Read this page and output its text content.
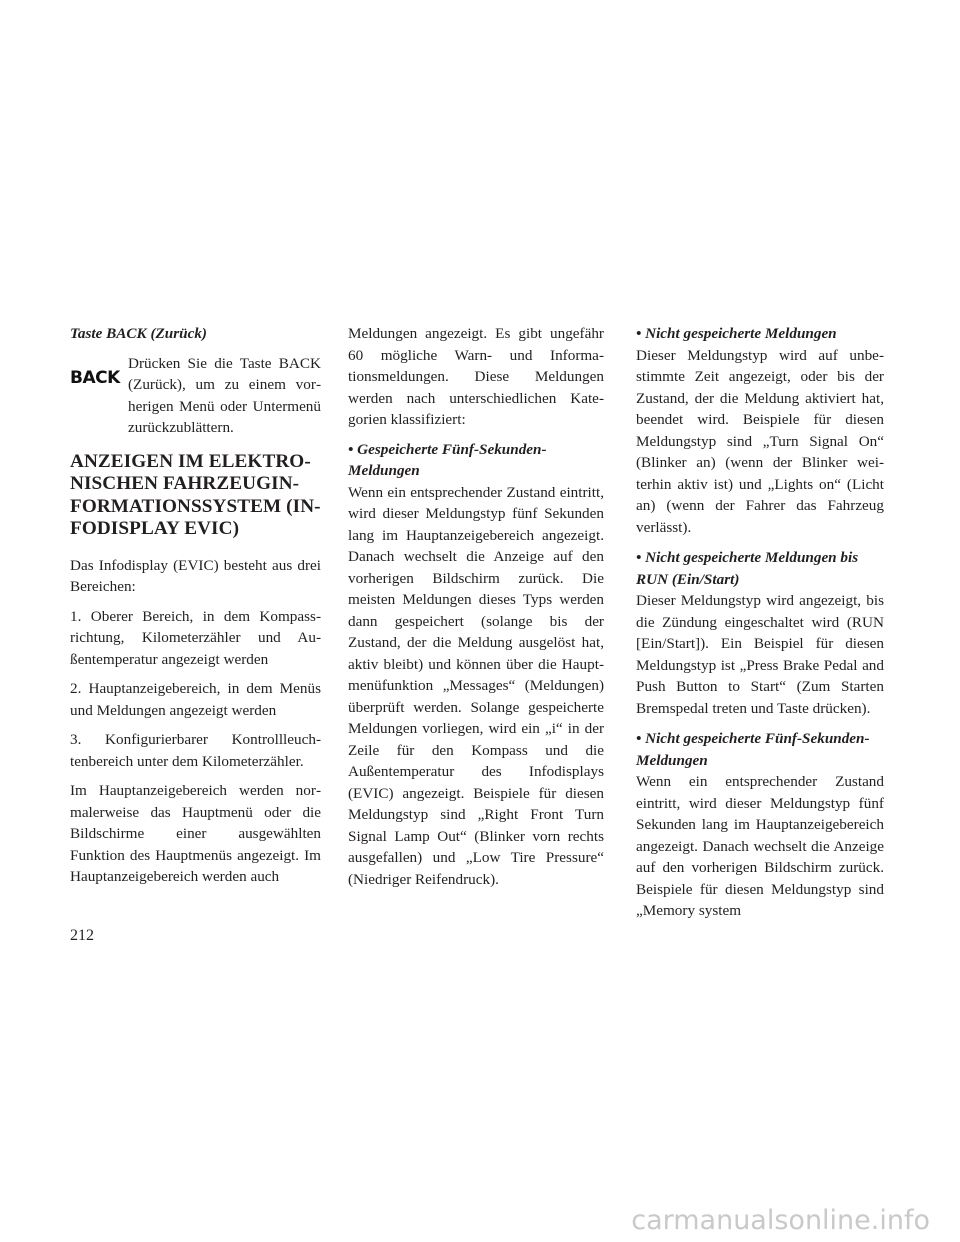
Taste BACK (Zurück)

BACK
Drücken Sie die Taste BACK (Zurück), um zu einem vorherigen Menü oder Untermenü zurückzublättern.
ANZEIGEN IM ELEKTRO-
NISCHEN FAHRZEUGIN-
FORMATIONSSYSTEM (IN-
FODISPLAY EVIC)

Das Infodisplay (EVIC) besteht aus drei Bereichen:

1. Oberer Bereich, in dem Kompassrichtung, Kilometerzähler und Außentemperatur angezeigt werden

2. Hauptanzeigebereich, in dem Menüs und Meldungen angezeigt werden

3. Konfigurierbarer Kontrollleuchtenbereich unter dem Kilometerzähler.

Im Hauptanzeigebereich werden normalerweise das Hauptmenü oder die Bildschirme einer ausgewählten Funktion des Hauptmenüs angezeigt. Im Hauptanzeigebereich werden auch

Meldungen angezeigt. Es gibt ungefähr 60 mögliche Warn- und Informationsmeldungen. Diese Meldungen werden nach unterschiedlichen Kategorien klassifiziert:

• Gespeicherte Fünf-Sekunden-Meldungen

Wenn ein entsprechender Zustand eintritt, wird dieser Meldungstyp fünf Sekunden lang im Hauptanzeigebereich angezeigt. Danach wechselt die Anzeige auf den vorherigen Bildschirm zurück. Die meisten Meldungen dieses Typs werden dann gespeichert (solange bis der Zustand, der die Meldung ausgelöst hat, aktiv bleibt) und können über die Hauptmenüfunktion „Messages“ (Meldungen) überprüft werden. Solange gespeicherte Meldungen vorliegen, wird ein „i“ in der Zeile für den Kompass und die Außentemperatur des Infodisplays (EVIC) angezeigt. Beispiele für diesen Meldungstyp sind „Right Front Turn Signal Lamp Out“ (Blinker vorn rechts ausgefallen) und „Low Tire Pressure“ (Niedriger Reifendruck).

• Nicht gespeicherte Meldungen

Dieser Meldungstyp wird auf unbestimmte Zeit angezeigt, oder bis der Zustand, der die Meldung aktiviert hat, beendet wird. Beispiele für diesen Meldungstyp sind „Turn Signal On“ (Blinker an) (wenn der Blinker weiterhin aktiv ist) und „Lights on“ (Licht an) (wenn der Fahrer das Fahrzeug verlässt).

• Nicht gespeicherte Meldungen bis RUN (Ein/Start)

Dieser Meldungstyp wird angezeigt, bis die Zündung eingeschaltet wird (RUN [Ein/Start]). Ein Beispiel für diesen Meldungstyp ist „Press Brake Pedal and Push Button to Start“ (Zum Starten Bremspedal treten und Taste drücken).

• Nicht gespeicherte Fünf-Sekunden-Meldungen

Wenn ein entsprechender Zustand eintritt, wird dieser Meldungstyp fünf Sekunden lang im Hauptanzeigebereich angezeigt. Danach wechselt die Anzeige auf den vorherigen Bildschirm zurück. Beispiele für diesen Meldungstyp sind „Memory system

212
carmanualsonline.info
